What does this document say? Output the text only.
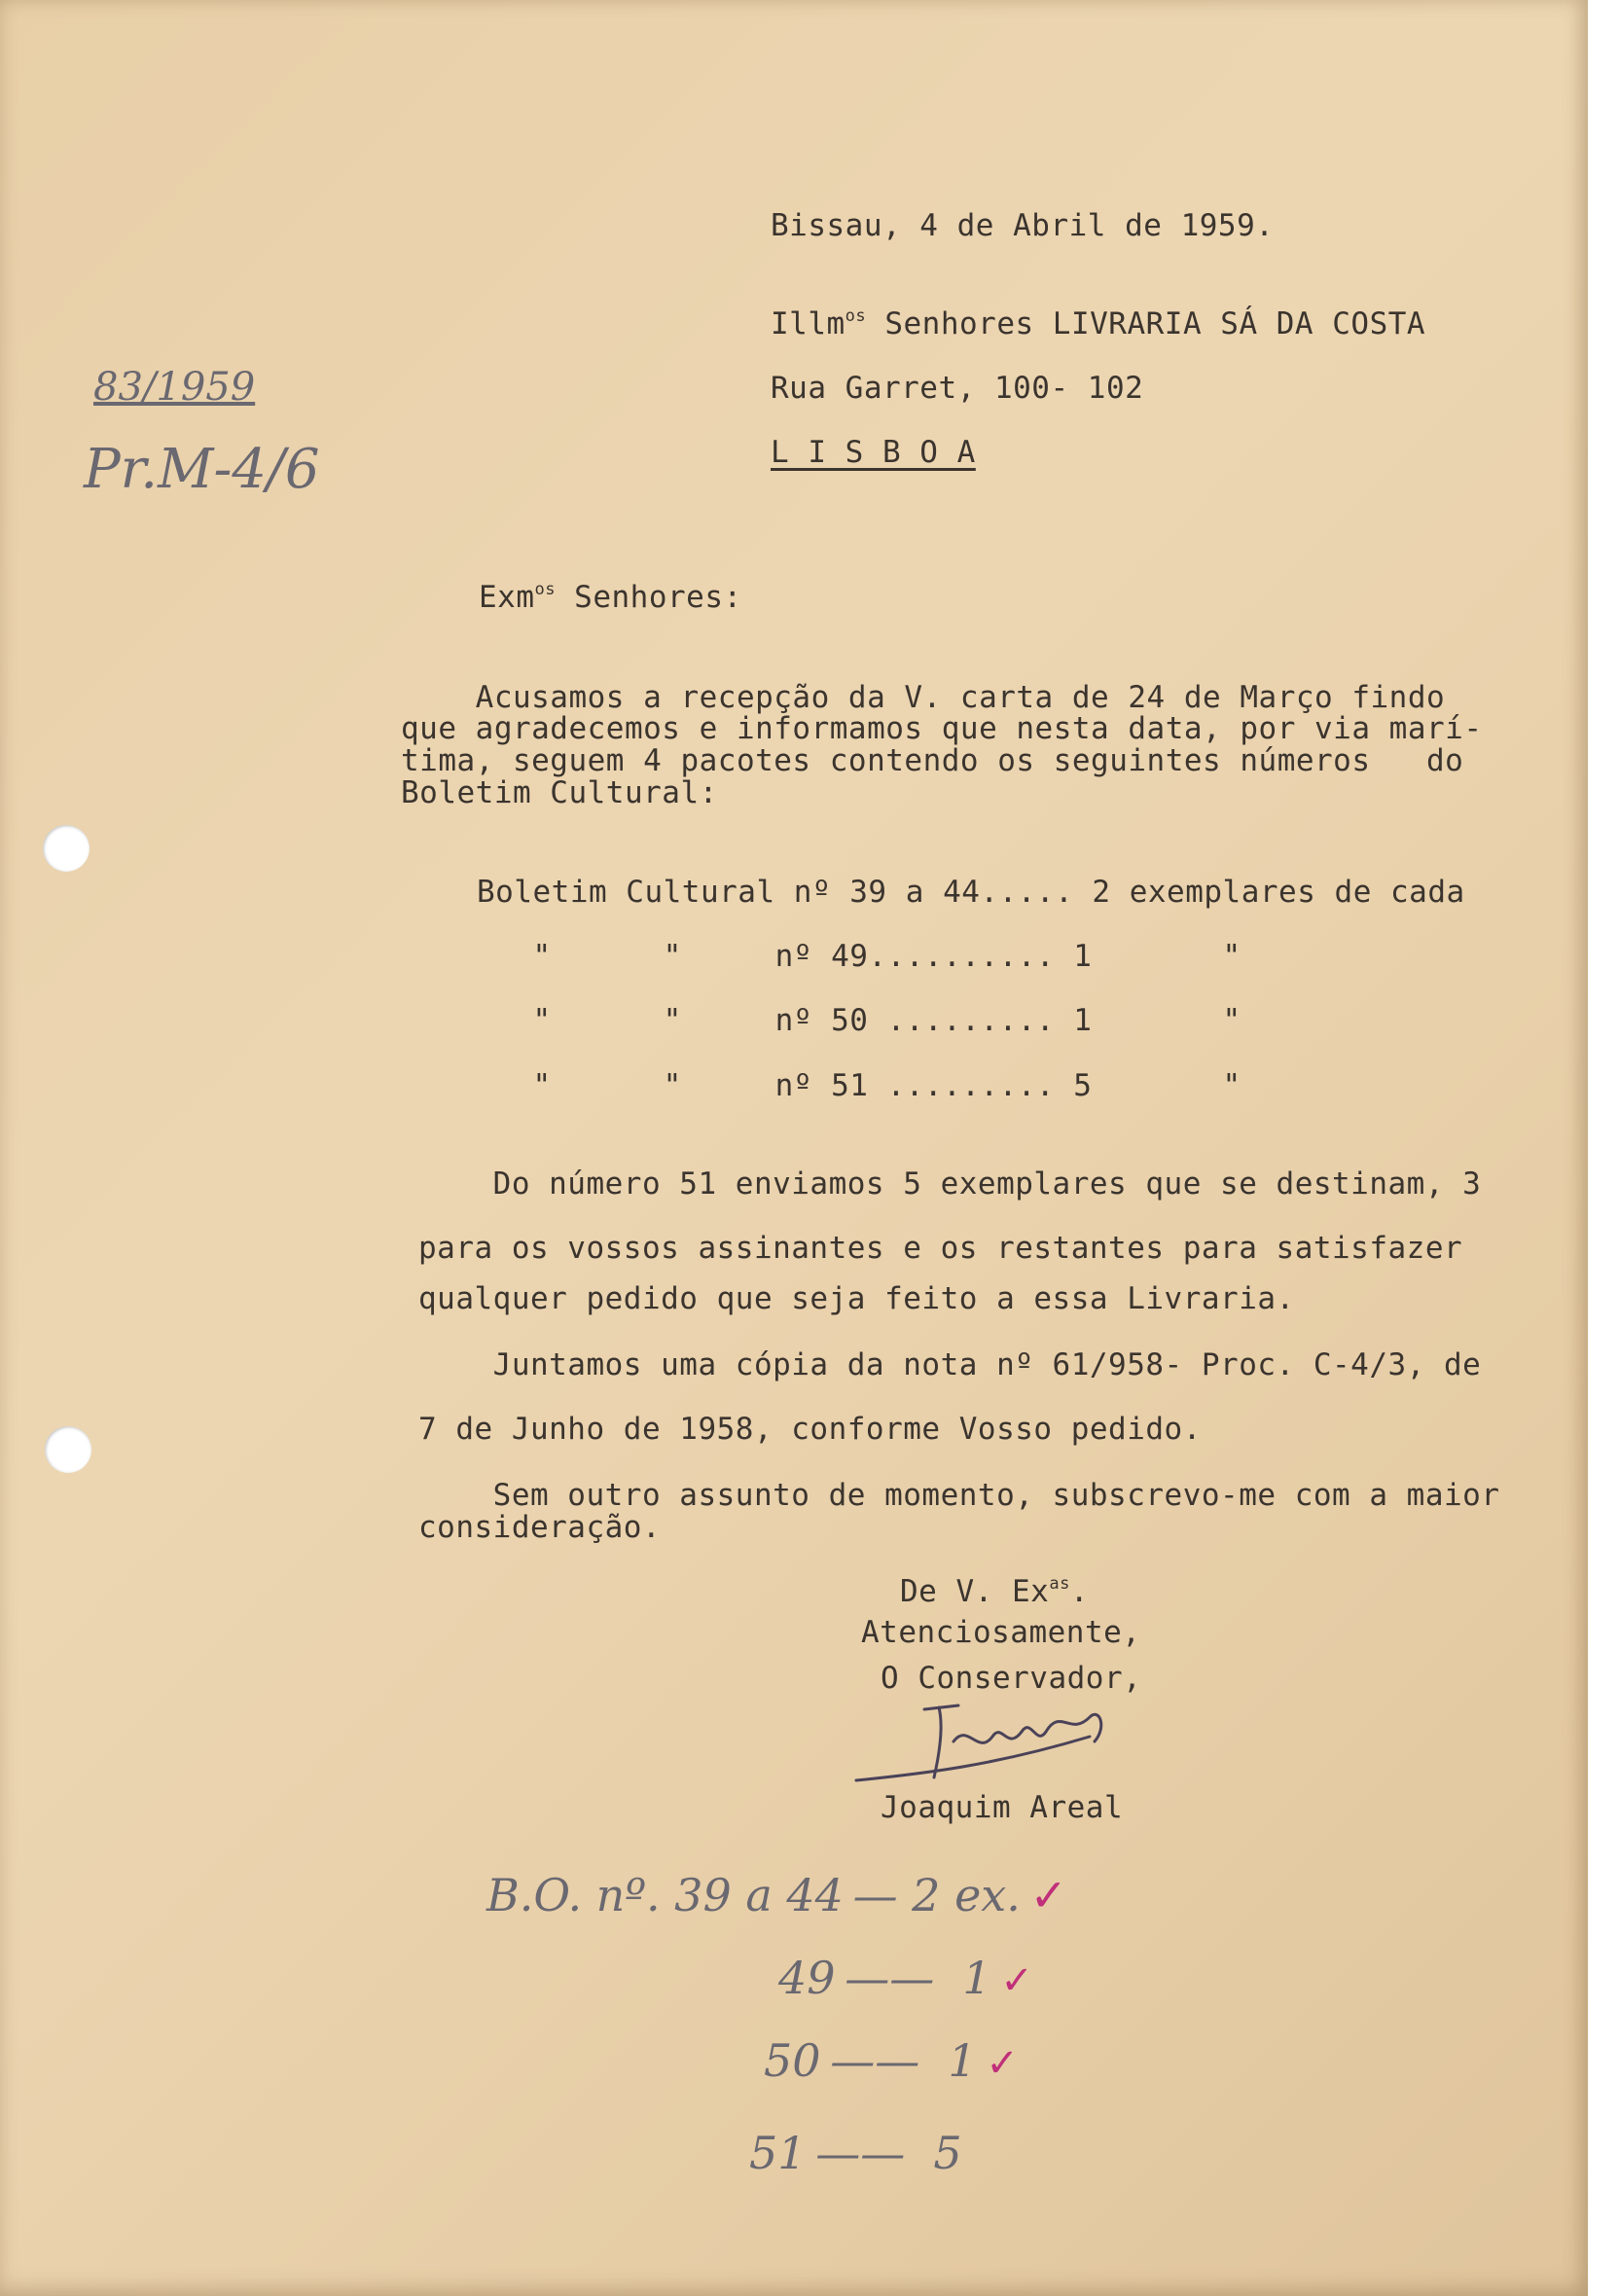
83/1959
Pr.M-4/6
Bissau, 4 de Abril de 1959.
Illm$^{os}$ Senhores LIVRARIA SÁ DA COSTA
Rua Garret, 100- 102
L I S B O A
Exm$^{os}$ Senhores:
Acusamos a recepção da V. carta de 24 de Março findo
que agradecemos e informamos que nesta data, por via marí-
tima, seguem 4 pacotes contendo os seguintes números   do
Boletim Cultural:
Boletim Cultural nº 39 a 44..... 2 exemplares de cada
"      "     nº 49.......... 1       "
"      "     nº 50 ......... 1       "
"      "     nº 51 ......... 5       "
Do número 51 enviamos 5 exemplares que se destinam, 3
para os vossos assinantes e os restantes para satisfazer
qualquer pedido que seja feito a essa Livraria.
Juntamos uma cópia da nota nº 61/958- Proc. C-4/3, de
7 de Junho de 1958, conforme Vosso pedido.
Sem outro assunto de momento, subscrevo-me com a maior
consideração.
De V. $Ex^{as}$.
Atenciosamente,
O Conservador,
Joaquim Areal
B.O. nº. 39 a 44 — 2 ex. ✓
49 ——  1 ✓
50 ——  1 ✓
51 ——  5
